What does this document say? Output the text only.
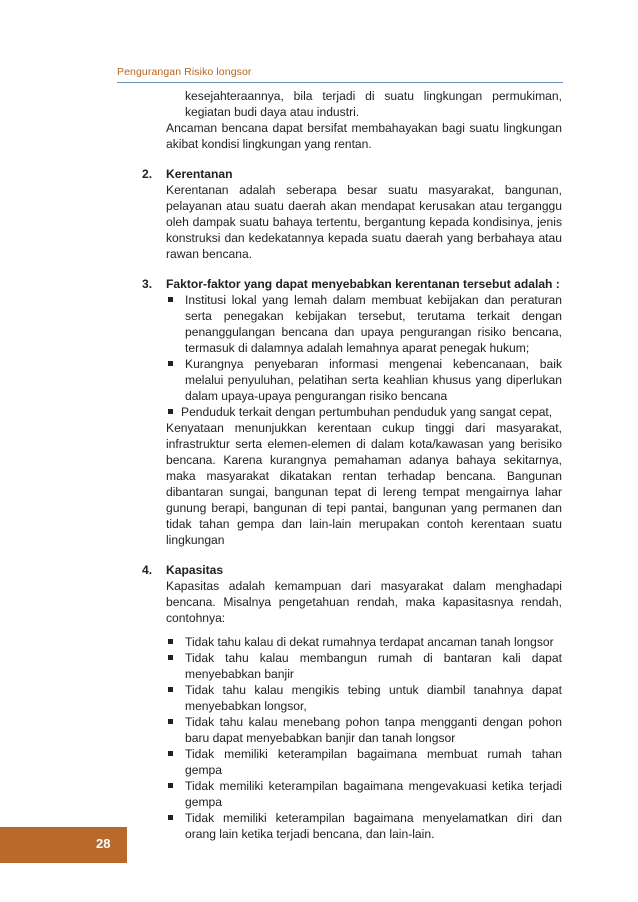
Pengurangan Risiko longsor

kesejahteraannya, bila terjadi di suatu lingkungan permukiman, kegiatan budi daya atau industri.

Ancaman bencana dapat bersifat membahayakan bagi suatu lingkungan akibat kondisi lingkungan yang rentan.

2. Kerentanan

Kerentanan adalah seberapa besar suatu masyarakat, bangunan, pelayanan atau suatu daerah akan mendapat kerusakan atau terganggu oleh dampak suatu bahaya tertentu, bergantung kepada kondisinya, jenis konstruksi dan kedekatannya kepada suatu daerah yang berbahaya atau rawan bencana.

3. Faktor-faktor yang dapat menyebabkan kerentanan tersebut adalah :
Institusi lokal yang lemah dalam membuat kebijakan dan peraturan serta penegakan kebijakan tersebut, terutama terkait dengan penanggulangan bencana dan upaya pengurangan risiko bencana, termasuk di dalamnya adalah lemahnya aparat penegak hukum;
Kurangnya penyebaran informasi mengenai kebencanaan, baik melalui penyuluhan, pelatihan serta keahlian khusus yang diperlukan dalam upaya-upaya pengurangan risiko bencana

Penduduk terkait dengan pertumbuhan penduduk yang sangat cepat,

Kenyataan menunjukkan kerentaan cukup tinggi dari masyarakat, infrastruktur serta elemen-elemen di dalam kota/kawasan yang berisiko bencana. Karena kurangnya pemahaman adanya bahaya sekitarnya, maka masyarakat dikatakan rentan terhadap bencana. Bangunan dibantaran sungai, bangunan tepat di lereng tempat mengairnya lahar gunung berapi, bangunan di tepi pantai, bangunan yang permanen dan tidak tahan gempa dan lain-lain merupakan contoh kerentaan suatu lingkungan

4. Kapasitas

Kapasitas adalah kemampuan dari masyarakat dalam menghadapi bencana. Misalnya pengetahuan rendah, maka kapasitasnya rendah, contohnya:

Tidak tahu kalau di dekat rumahnya terdapat ancaman tanah longsor
Tidak tahu kalau membangun rumah di bantaran kali dapat menyebabkan banjir
Tidak tahu kalau mengikis tebing untuk diambil tanahnya dapat menyebabkan longsor,
Tidak tahu kalau menebang pohon tanpa mengganti dengan pohon baru dapat menyebabkan banjir dan tanah longsor
Tidak memiliki keterampilan bagaimana membuat rumah tahan gempa
Tidak memiliki keterampilan bagaimana mengevakuasi ketika terjadi gempa
Tidak memiliki keterampilan bagaimana menyelamatkan diri dan orang lain ketika terjadi bencana, dan lain-lain.
28
